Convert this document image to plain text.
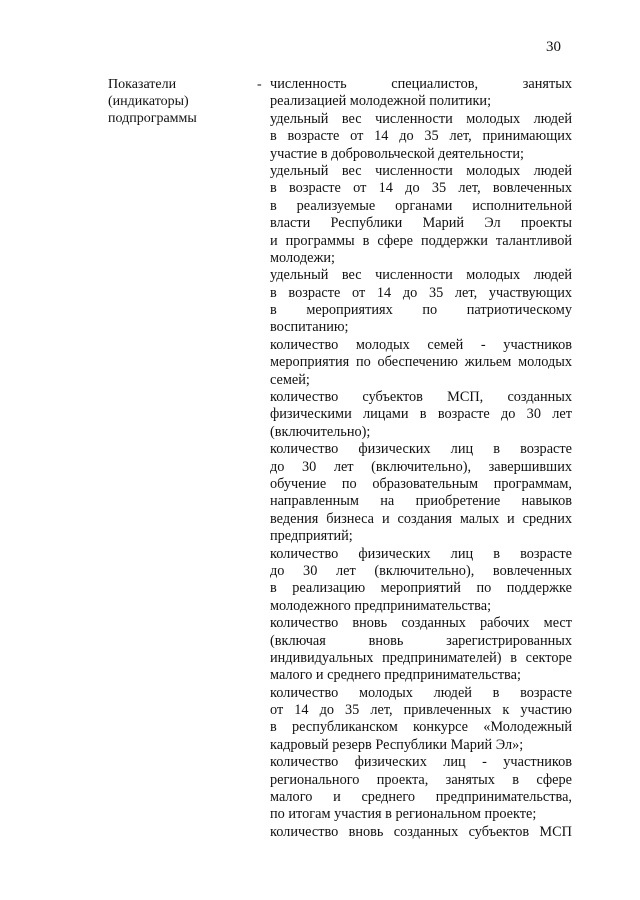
30
Показатели
(индикаторы)
подпрограммы
- численность специалистов, занятых
реализацией молодежной политики;
удельный вес численности молодых людей
в возрасте от 14 до 35 лет, принимающих
участие в добровольческой деятельности;
удельный вес численности молодых людей
в возрасте от 14 до 35 лет, вовлеченных
в реализуемые органами исполнительной
власти Республики Марий Эл проекты
и программы в сфере поддержки талантливой
молодежи;
удельный вес численности молодых людей
в возрасте от 14 до 35 лет, участвующих
в мероприятиях по патриотическому
воспитанию;
количество молодых семей - участников
мероприятия по обеспечению жильем молодых
семей;
количество субъектов МСП, созданных
физическими лицами в возрасте до 30 лет
(включительно);
количество физических лиц в возрасте
до 30 лет (включительно), завершивших
обучение по образовательным программам,
направленным на приобретение навыков
ведения бизнеса и создания малых и средних
предприятий;
количество физических лиц в возрасте
до 30 лет (включительно), вовлеченных
в реализацию мероприятий по поддержке
молодежного предпринимательства;
количество вновь созданных рабочих мест
(включая вновь зарегистрированных
индивидуальных предпринимателей) в секторе
малого и среднего предпринимательства;
количество молодых людей в возрасте
от 14 до 35 лет, привлеченных к участию
в республиканском конкурсе «Молодежный
кадровый резерв Республики Марий Эл»;
количество физических лиц - участников
регионального проекта, занятых в сфере
малого и среднего предпринимательства,
по итогам участия в региональном проекте;
количество вновь созданных субъектов МСП
